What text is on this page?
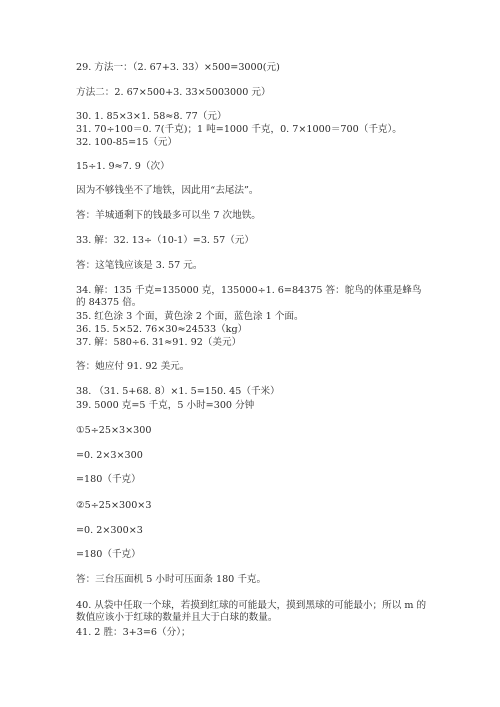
29. 方法一：（2. 67+3. 33）×500=3000(元)
方法二：2. 67×500+3. 33×5003000 元）
30. 1. 85×3×1. 58≈8. 77（元）
31. 70÷100＝0. 7(千克)；1 吨=1000 千克，0. 7×1000＝700（千克）。
32. 100-85=15（元）
15÷1. 9≈7. 9（次）
因为不够钱坐不了地铁，因此用“去尾法”。
答：羊城通剩下的钱最多可以坐 7 次地铁。
33. 解：32. 13÷（10-1）=3. 57（元）
答：这笔钱应该是 3. 57 元。
34. 解：135 千克=135000 克，135000÷1. 6=84375 答：鸵鸟的体重是蜂鸟的 84375 倍。
35. 红色涂 3 个面，黄色涂 2 个面，蓝色涂 1 个面。
36. 15. 5×52. 76×30≈24533（kg）
37. 解：580÷6. 31≈91. 92（美元）
答：她应付 91. 92 美元。
38. （31. 5+68. 8）×1. 5=150. 45（千米）
39. 5000 克=5 千克，5 小时=300 分钟
①5÷25×3×300
=0. 2×3×300
=180（千克）
②5÷25×300×3
=0. 2×300×3
=180（千克）
答：三台压面机 5 小时可压面条 180 千克。
40. 从袋中任取一个球，若摸到红球的可能最大，摸到黑球的可能最小；所以 m 的数值应该小于红球的数量并且大于白球的数量。
41. 2 胜：3+3=6（分）；
